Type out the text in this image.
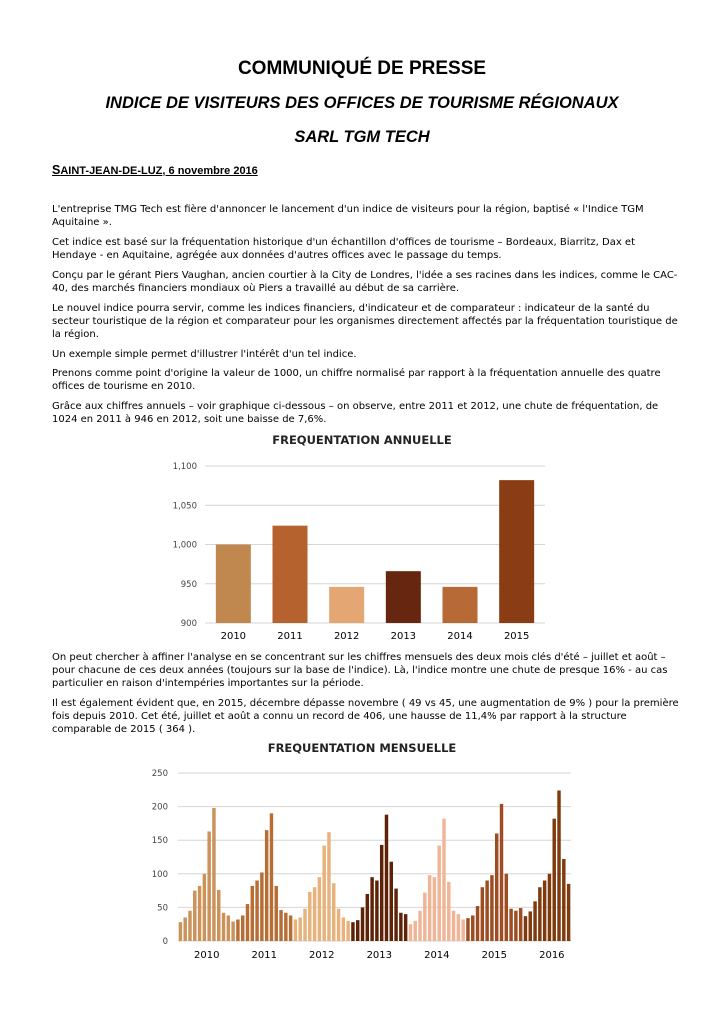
COMMUNIQUÉ DE PRESSE
INDICE DE VISITEURS DES OFFICES DE TOURISME RÉGIONAUX
SARL TGM TECH
SAINT-JEAN-DE-LUZ, 6 novembre 2016

L'entreprise TMG Tech est fière d'annoncer le lancement d'un indice de visiteurs pour la région, baptisé « l'Indice TGM Aquitaine ».

Cet indice est basé sur la fréquentation historique d'un échantillon d'offices de tourisme – Bordeaux, Biarritz, Dax et Hendaye - en Aquitaine, agrégée aux données d'autres offices avec le passage du temps.

Conçu par le gérant Piers Vaughan, ancien courtier à la City de Londres, l'idée a ses racines dans les indices, comme le CAC-40, des marchés financiers mondiaux où Piers a travaillé au début de sa carrière.

Le nouvel indice pourra servir, comme les indices financiers, d'indicateur et de comparateur : indicateur de la santé du secteur touristique de la région et comparateur pour les organismes directement affectés par la fréquentation touristique de la région.

Un exemple simple permet d'illustrer l'intérêt d'un tel indice.

Prenons comme point d'origine la valeur de 1000, un chiffre normalisé par rapport à la fréquentation annuelle des quatre offices de tourisme en 2010.

Grâce aux chiffres annuels – voir graphique ci-dessous – on observe, entre 2011 et 2012, une chute de fréquentation, de 1024 en 2011 à 946 en 2012, soit une baisse de 7,6%.

FREQUENTATION ANNUELLE
900
950
1,000
1,050
1,100
2010	2011	2012	2013	2014	2015

On peut chercher à affiner l'analyse en se concentrant sur les chiffres mensuels des deux mois clés d'été – juillet et août – pour chacune de ces deux années (toujours sur la base de l'indice). Là, l'indice montre une chute de presque 16% - au cas particulier en raison d'intempéries importantes sur la période.

Il est également évident que, en 2015, décembre dépasse novembre ( 49 vs 45, une augmentation de 9% ) pour la première fois depuis 2010. Cet été, juillet et août a connu un record de 406, une hausse de 11,4% par rapport à la structure comparable de 2015 ( 364 ).

FREQUENTATION MENSUELLE
0
50
100
150
200
250
2010	2011	2012	2013	2014	2015	2016
